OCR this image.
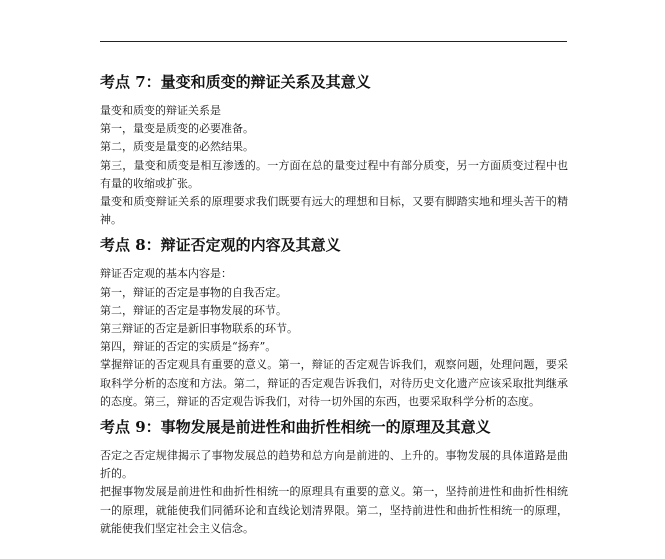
考点 7：量变和质变的辩证关系及其意义

量变和质变的辩证关系是

第一，量变是质变的必要准备。

第二，质变是量变的必然结果。

第三，量变和质变是相互渗透的。一方面在总的量变过程中有部分质变，另一方面质变过程中也有量的收缩或扩张。

量变和质变辩证关系的原理要求我们既要有远大的理想和目标，又要有脚踏实地和埋头苦干的精神。

考点 8：辩证否定观的内容及其意义

辩证否定观的基本内容是：

第一，辩证的否定是事物的自我否定。

第二，辩证的否定是事物发展的环节。

第三辩证的否定是新旧事物联系的环节。

第四，辩证的否定的实质是“扬弃”。

掌握辩证的否定观具有重要的意义。第一，辩证的否定观告诉我们，观察问题，处理问题，要采取科学分析的态度和方法。第二，辩证的否定观告诉我们，对待历史文化遗产应该采取批判继承的态度。第三，辩证的否定观告诉我们，对待一切外国的东西，也要采取科学分析的态度。

考点 9：事物发展是前进性和曲折性相统一的原理及其意义

否定之否定规律揭示了事物发展总的趋势和总方向是前进的、上升的。事物发展的具体道路是曲折的。

把握事物发展是前进性和曲折性相统一的原理具有重要的意义。第一，坚持前进性和曲折性相统一的原理，就能使我们同循环论和直线论划清界限。第二，坚持前进性和曲折性相统一的原理，就能使我们坚定社会主义信念。
